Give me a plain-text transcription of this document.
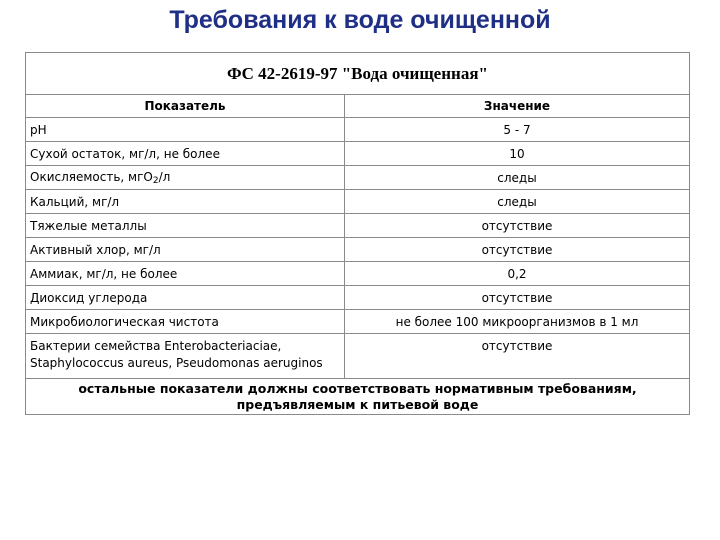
Требования к воде очищенной
ФС 42-2619-97 "Вода очищенная"	
Показатель	Значение
pH	5 - 7
Сухой остаток, мг/л, не более	10
Окисляемость, мгО$_2$/л	следы
Кальций, мг/л	следы
Тяжелые металлы	отсутствие
Активный хлор, мг/л	отсутствие
Аммиак, мг/л, не более	0,2
Диоксид углерода	отсутствие
Микробиологическая чистота	не более 100 микроорганизмов в 1 мл

Бактерии семейства Enterobacteriaciae,
Staphylococcus aureus, Pseudomonas aeruginos	отсутствие

остальные показатели должны соответствовать нормативным требованиям,
предъявляемым к питьевой воде	
